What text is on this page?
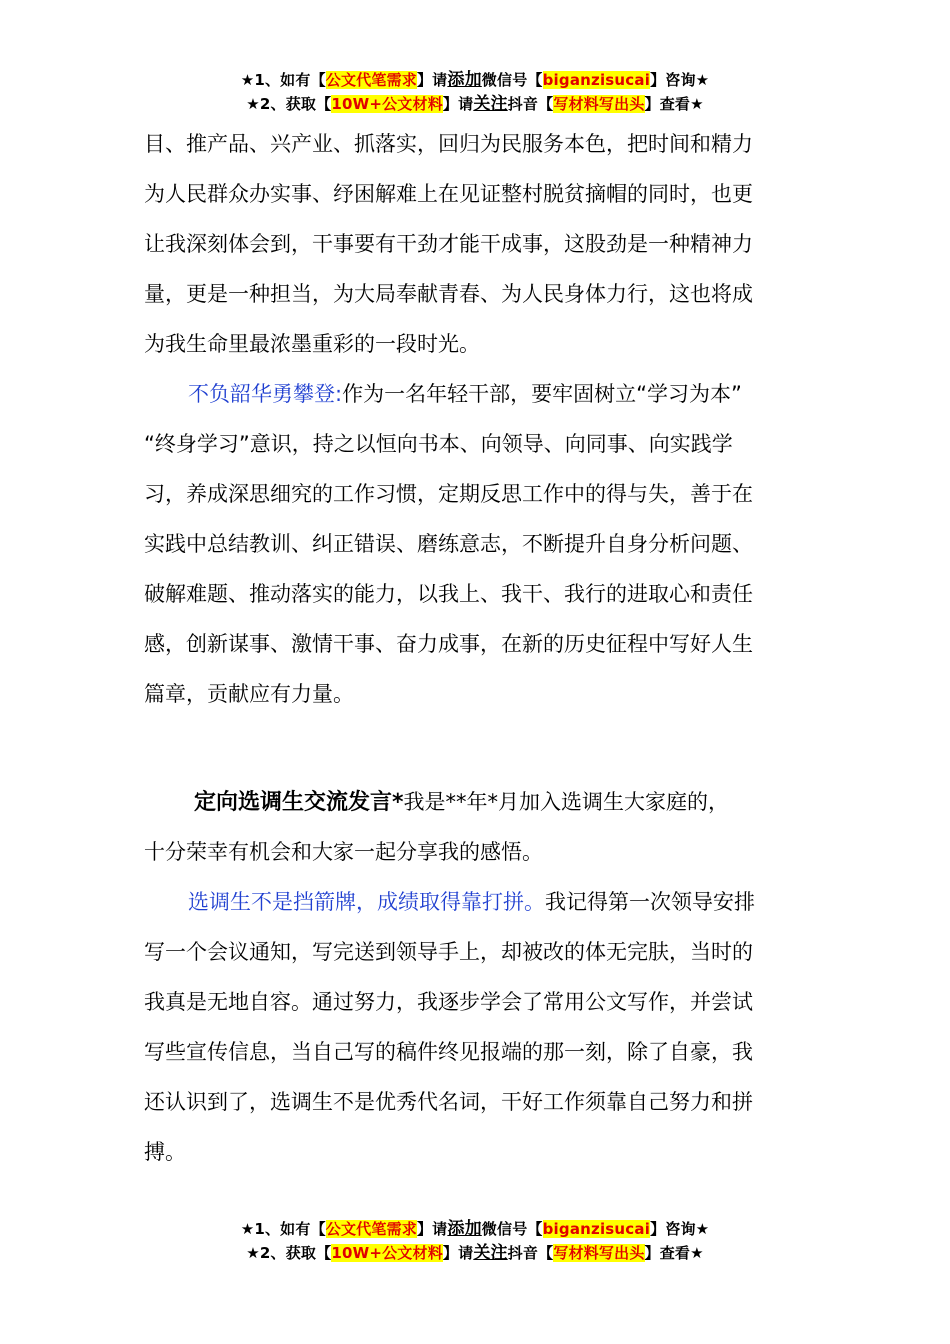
★1、如有【公文代笔需求】请添加微信号【biganzisucai】咨询★
★2、获取【10W+公文材料】请关注抖音【写材料写出头】查看★
目、推产品、兴产业、抓落实，回归为民服务本色，把时间和精力
为人民群众办实事、纾困解难上在见证整村脱贫摘帽的同时，也更
让我深刻体会到，干事要有干劲才能干成事，这股劲是一种精神力
量，更是一种担当，为大局奉献青春、为人民身体力行，这也将成
为我生命里最浓墨重彩的一段时光。
不负韶华勇攀登:作为一名年轻干部，要牢固树立“学习为本”
“终身学习”意识，持之以恒向书本、向领导、向同事、向实践学
习，养成深思细究的工作习惯，定期反思工作中的得与失，善于在
实践中总结教训、纠正错误、磨练意志，不断提升自身分析问题、
破解难题、推动落实的能力，以我上、我干、我行的进取心和责任
感，创新谋事、激情干事、奋力成事，在新的历史征程中写好人生
篇章，贡献应有力量。
定向选调生交流发言*我是**年*月加入选调生大家庭的，
十分荣幸有机会和大家一起分享我的感悟。
选调生不是挡箭牌，成绩取得靠打拼。我记得第一次领导安排
写一个会议通知，写完送到领导手上，却被改的体无完肤，当时的
我真是无地自容。通过努力，我逐步学会了常用公文写作，并尝试
写些宣传信息，当自己写的稿件终见报端的那一刻，除了自豪，我
还认识到了，选调生不是优秀代名词，干好工作须靠自己努力和拼
搏。
★1、如有【公文代笔需求】请添加微信号【biganzisucai】咨询★
★2、获取【10W+公文材料】请关注抖音【写材料写出头】查看★
